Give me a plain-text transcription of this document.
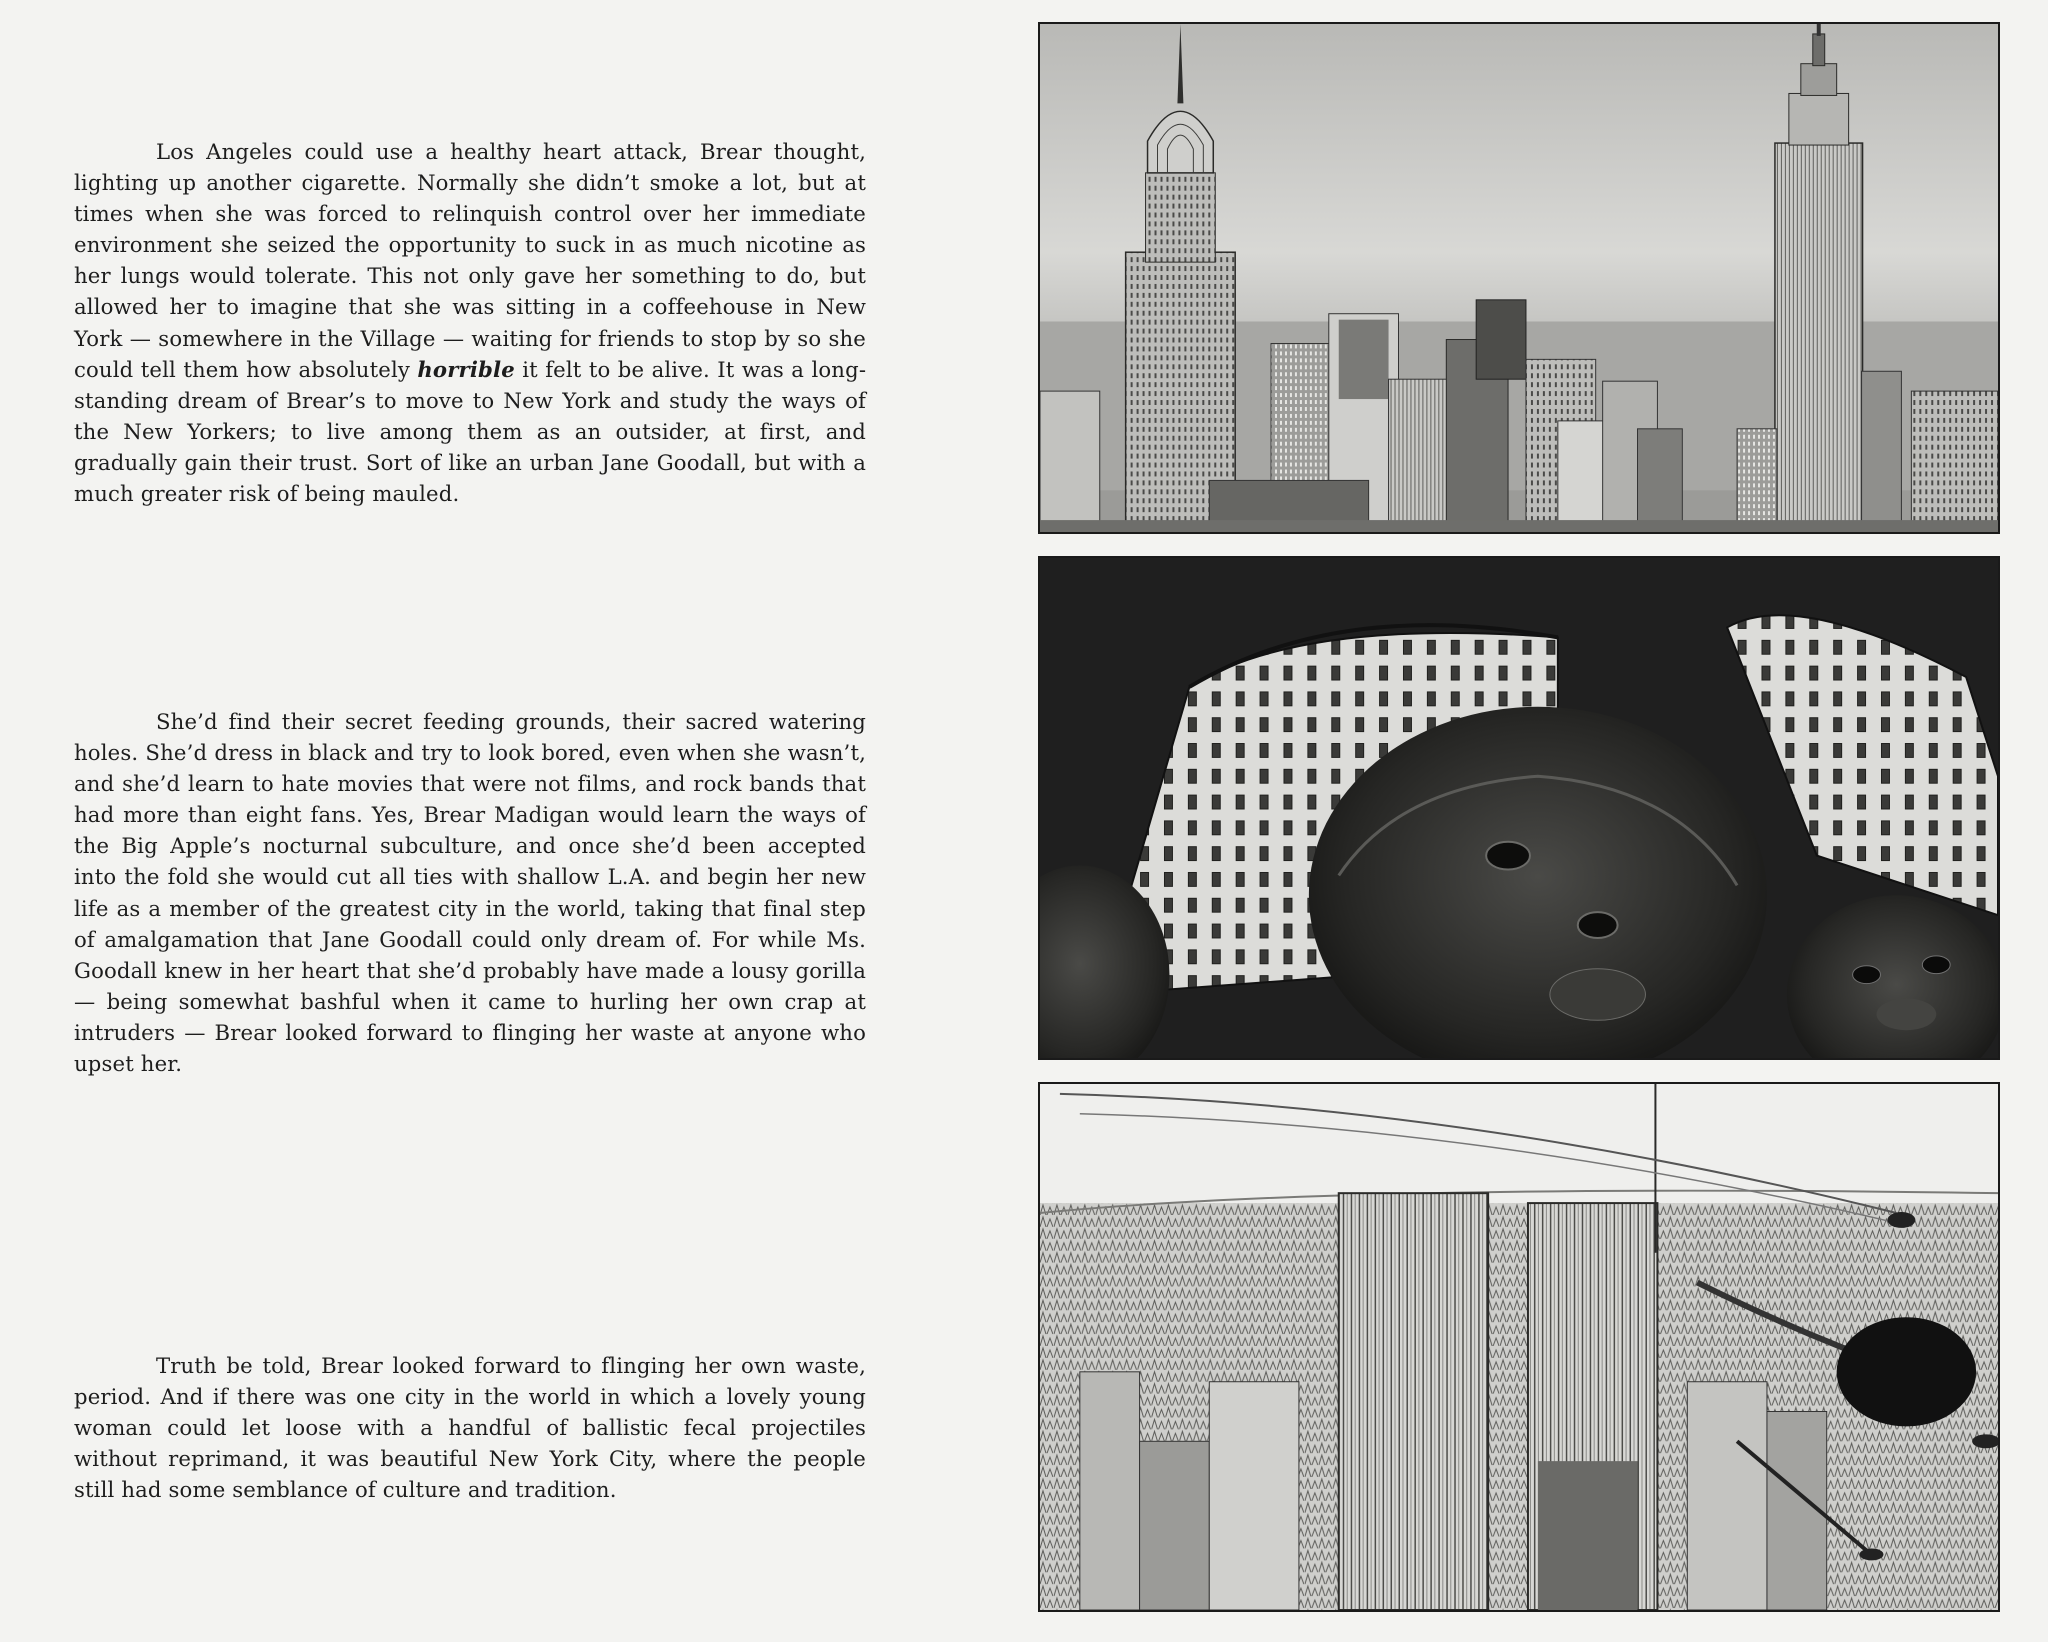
Los Angeles could use a healthy heart attack, Brear thought, lighting up another cigarette. Normally she didn’t smoke a lot, but at times when she was forced to relinquish control over her immediate environment she seized the opportunity to suck in as much nicotine as her lungs would tolerate. This not only gave her something to do, but allowed her to imagine that she was sitting in a coffeehouse in New York — somewhere in the Village — waiting for friends to stop by so she could tell them how absolutely horrible it felt to be alive. It was a longstanding dream of Brear’s to move to New York and study the ways of the New Yorkers; to live among them as an outsider, at first, and gradually gain their trust. Sort of like an urban Jane Goodall, but with a much greater risk of being mauled.

She’d find their secret feeding grounds, their sacred watering holes. She’d dress in black and try to look bored, even when she wasn’t, and she’d learn to hate movies that were not films, and rock bands that had more than eight fans. Yes, Brear Madigan would learn the ways of the Big Apple’s nocturnal subculture, and once she’d been accepted into the fold she would cut all ties with shallow L.A. and begin her new life as a member of the greatest city in the world, taking that final step of amalgamation that Jane Goodall could only dream of. For while Ms. Goodall knew in her heart that she’d probably have made a lousy gorilla — being somewhat bashful when it came to hurling her own crap at intruders — Brear looked forward to flinging her waste at anyone who upset her.

Truth be told, Brear looked forward to flinging her own waste, period. And if there was one city in the world in which a lovely young woman could let loose with a handful of ballistic fecal projectiles without reprimand, it was beautiful New York City, where the people still had some semblance of culture and tradition.
